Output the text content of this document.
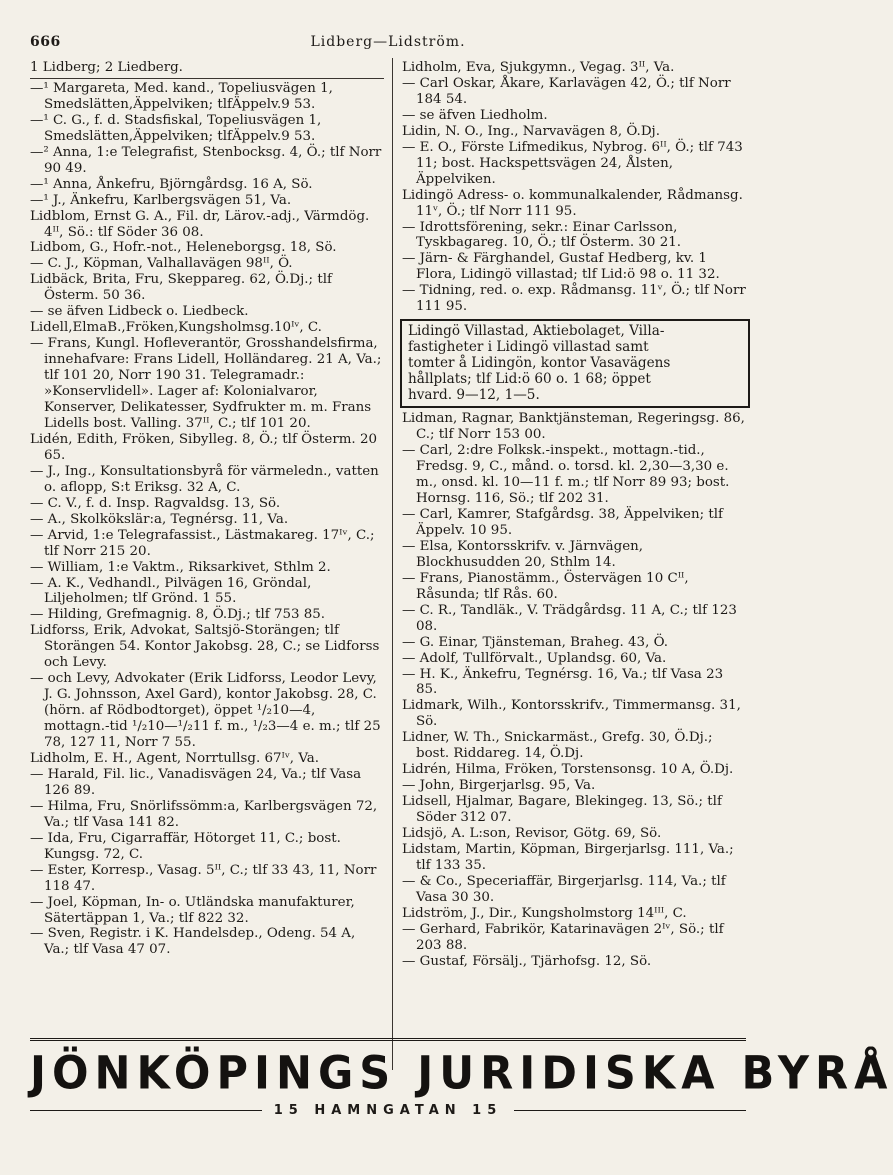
666	Lidberg—Lidström.
1 Lidberg; 2 Liedberg.
—¹ Margareta, Med. kand., Topeliusvägen 1, Smedslätten,Äppelviken; tlfÄppelv.9 53.
—¹ C. G., f. d. Stadsfiskal, Topeliusvägen 1, Smedslätten,Äppelviken; tlfÄppelv.9 53.
—² Anna, 1:e Telegrafist, Stenbocksg. 4, Ö.; tlf Norr 90 49.
—¹ Anna, Ånkefru, Björngårdsg. 16 A, Sö.
—¹ J., Änkefru, Karlbergsvägen 51, Va.
Lidblom, Ernst G. A., Fil. dr, Lärov.-adj., Värmdög. 4ᴵᴵ, Sö.: tlf Söder 36 08.
Lidbom, G., Hofr.-not., Heleneborgsg. 18, Sö.
— C. J., Köpman, Valhallavägen 98ᴵᴵ, Ö.
Lidbäck, Brita, Fru, Skeppareg. 62, Ö.Dj.; tlf Österm. 50 36.
— se äfven Lidbeck o. Liedbeck.
Lidell,ElmaB.,Fröken,Kungsholmsg.10ᴵᵛ, C.
— Frans, Kungl. Hofleverantör, Grosshandelsfirma, innehafvare: Frans Lidell, Holländareg. 21 A, Va.; tlf 101 20, Norr 190 31. Telegramadr.: »Konservlidell». Lager af: Kolonialvaror, Konserver, Delikatesser, Sydfrukter m. m. Frans Lidells bost. Valling. 37ᴵᴵ, C.; tlf 101 20.
Lidén, Edith, Fröken, Sibylleg. 8, Ö.; tlf Österm. 20 65.
— J., Ing., Konsultationsbyrå för värmeledn., vatten o. aflopp, S:t Eriksg. 32 A, C.
— C. V., f. d. Insp. Ragvaldsg. 13, Sö.
— A., Skolkökslär:a, Tegnérsg. 11, Va.
— Arvid, 1:e Telegrafassist., Lästmakareg. 17ᴵᵛ, C.; tlf Norr 215 20.
— William, 1:e Vaktm., Riksarkivet, Sthlm 2.
— A. K., Vedhandl., Pilvägen 16, Gröndal, Liljeholmen; tlf Grönd. 1 55.
— Hilding, Grefmagnig. 8, Ö.Dj.; tlf 753 85.
Lidforss, Erik, Advokat, Saltsjö-Storängen; tlf Storängen 54. Kontor Jakobsg. 28, C.; se Lidforss och Levy.
— och Levy, Advokater (Erik Lidforss, Leodor Levy, J. G. Johnsson, Axel Gard), kontor Jakobsg. 28, C. (hörn. af Rödbodtorget), öppet ¹/₂10—4, mottagn.-tid ¹/₂10—¹/₂11 f. m., ¹/₂3—4 e. m.; tlf 25 78, 127 11, Norr 7 55.
Lidholm, E. H., Agent, Norrtullsg. 67ᴵᵛ, Va.
— Harald, Fil. lic., Vanadisvägen 24, Va.; tlf Vasa 126 89.
— Hilma, Fru, Snörlifssömm:a, Karlbergsvägen 72, Va.; tlf Vasa 141 82.
— Ida, Fru, Cigarraffär, Hötorget 11, C.; bost. Kungsg. 72, C.
— Ester, Korresp., Vasag. 5ᴵᴵ, C.; tlf 33 43, 11, Norr 118 47.
— Joel, Köpman, In- o. Utländska manufakturer, Sätertäppan 1, Va.; tlf 822 32.
— Sven, Registr. i K. Handelsdep., Odeng. 54 A, Va.; tlf Vasa 47 07.
Lidholm, Eva, Sjukgymn., Vegag. 3ᴵᴵ, Va.
— Carl Oskar, Åkare, Karlavägen 42, Ö.; tlf Norr 184 54.
— se äfven Liedholm.
Lidin, N. O., Ing., Narvavägen 8, Ö.Dj.
— E. O., Förste Lifmedikus, Nybrog. 6ᴵᴵ, Ö.; tlf 743 11; bost. Hackspettsvägen 24, Ålsten, Äppelviken.
Lidingö Adress- o. kommunalkalender, Rådmansg. 11ᵛ, Ö.; tlf Norr 111 95.
— Idrottsförening, sekr.: Einar Carlsson, Tyskbagareg. 10, Ö.; tlf Österm. 30 21.
— Järn- & Färghandel, Gustaf Hedberg, kv. 1 Flora, Lidingö villastad; tlf Lid:ö 98 o. 11 32.
— Tidning, red. o. exp. Rådmansg. 11ᵛ, Ö.; tlf Norr 111 95.
Lidingö Villastad, Aktiebolaget, Villa-
fastigheter i Lidingö villastad samt
tomter å Lidingön, kontor Vasavägens
hållplats; tlf Lid:ö 60 o. 1 68; öppet
hvard. 9—12, 1—5.
Lidman, Ragnar, Banktjänsteman, Regeringsg. 86, C.; tlf Norr 153 00.
— Carl, 2:dre Folksk.-inspekt., mottagn.-tid., Fredsg. 9, C., månd. o. torsd. kl. 2,30—3,30 e. m., onsd. kl. 10—11 f. m.; tlf Norr 89 93; bost. Hornsg. 116, Sö.; tlf 202 31.
— Carl, Kamrer, Stafgårdsg. 38, Äppelviken; tlf Äppelv. 10 95.
— Elsa, Kontorsskrifv. v. Järnvägen, Blockhusudden 20, Sthlm 14.
— Frans, Pianostämm., Östervägen 10 Cᴵᴵ, Råsunda; tlf Rås. 60.
— C. R., Tandläk., V. Trädgårdsg. 11 A, C.; tlf 123 08.
— G. Einar, Tjänsteman, Braheg. 43, Ö.
— Adolf, Tullförvalt., Uplandsg. 60, Va.
— H. K., Änkefru, Tegnérsg. 16, Va.; tlf Vasa 23 85.
Lidmark, Wilh., Kontorsskrifv., Timmermansg. 31, Sö.
Lidner, W. Th., Snickarmäst., Grefg. 30, Ö.Dj.; bost. Riddareg. 14, Ö.Dj.
Lidrén, Hilma, Fröken, Torstensonsg. 10 A, Ö.Dj.
— John, Birgerjarlsg. 95, Va.
Lidsell, Hjalmar, Bagare, Blekingeg. 13, Sö.; tlf Söder 312 07.
Lidsjö, A. L:son, Revisor, Götg. 69, Sö.
Lidstam, Martin, Köpman, Birgerjarlsg. 111, Va.; tlf 133 35.
— & Co., Speceriaffär, Birgerjarlsg. 114, Va.; tlf Vasa 30 30.
Lidström, J., Dir., Kungsholmstorg 14ᴵᴵᴵ, C.
— Gerhard, Fabrikör, Katarinavägen 2ᴵᵛ, Sö.; tlf 203 88.
— Gustaf, Försälj., Tjärhofsg. 12, Sö.
JÖNKÖPINGS JURIDISKA BYRÅ
15 HAMNGATAN 15
